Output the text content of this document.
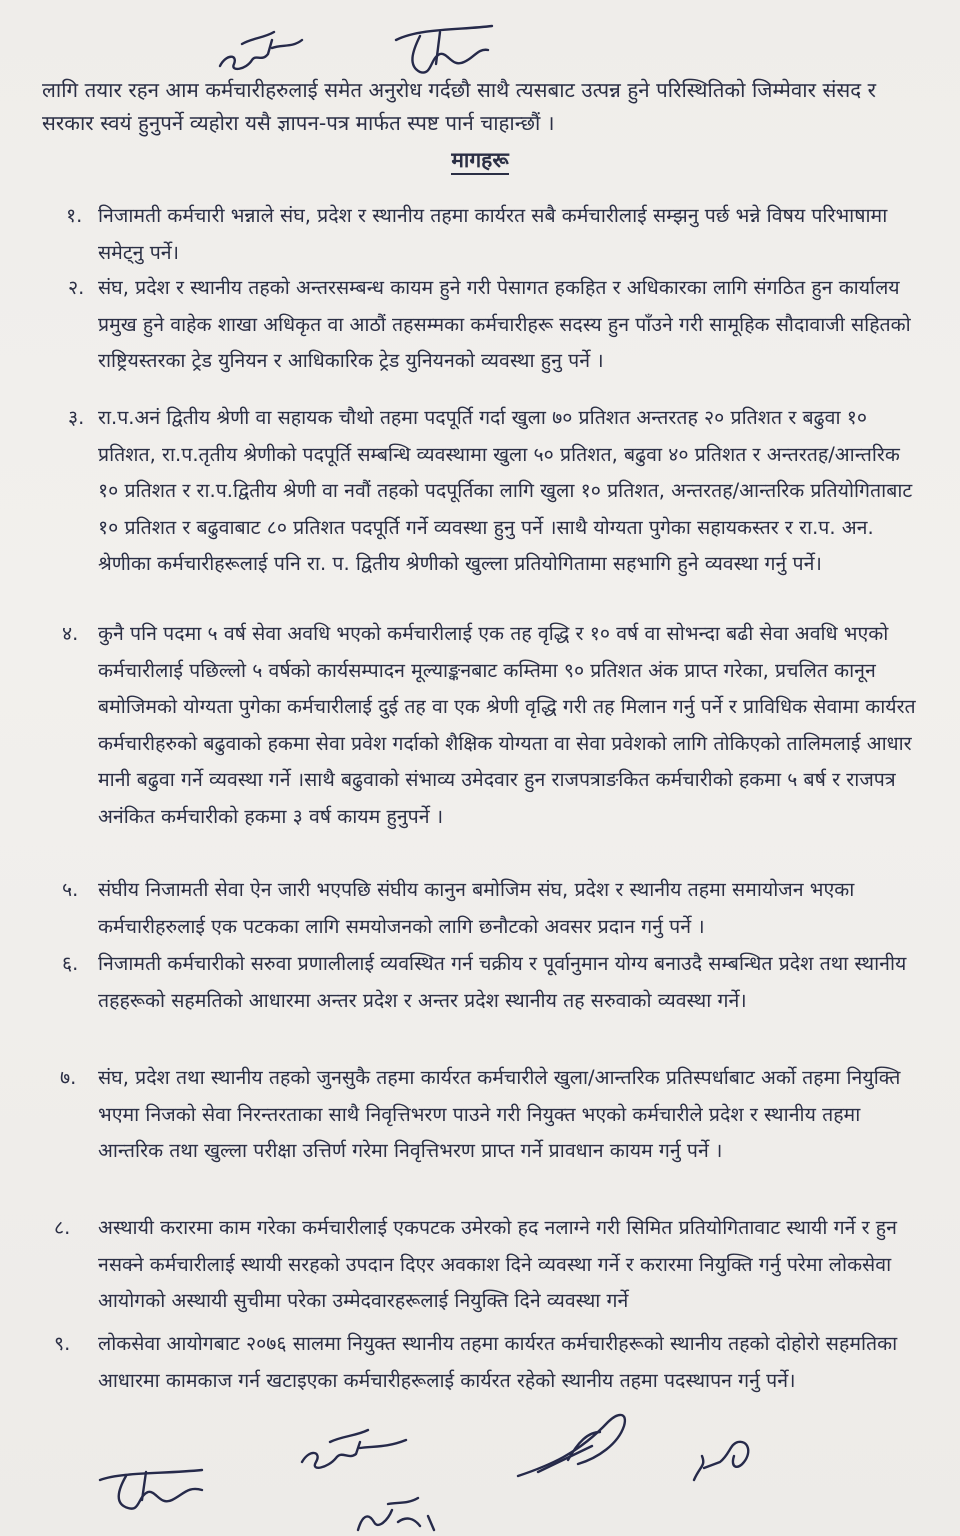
लागि तयार रहन आम कर्मचारीहरुलाई समेत अनुरोध गर्दछौ साथै त्यसबाट उत्पन्न हुने परिस्थितिको जिम्मेवार संसद र सरकार स्वयं हुनुपर्ने व्यहोरा यसै ज्ञापन-पत्र मार्फत स्पष्ट पार्न चाहान्छौं ।
मागहरू
१. निजामती कर्मचारी भन्नाले संघ, प्रदेश र स्थानीय तहमा कार्यरत सबै कर्मचारीलाई सम्झनु पर्छ भन्ने विषय परिभाषामा समेट्नु पर्ने।
२. संघ, प्रदेश र स्थानीय तहको अन्तरसम्बन्ध कायम हुने गरी पेसागत हकहित र अधिकारका लागि संगठित हुन कार्यालय प्रमुख हुने वाहेक शाखा अधिकृत वा आठौं तहसम्मका कर्मचारीहरू सदस्य हुन पाँउने गरी सामूहिक सौदावाजी सहितको राष्ट्रियस्तरका ट्रेड युनियन र आधिकारिक ट्रेड युनियनको व्यवस्था हुनु पर्ने ।
३. रा.प.अनं द्वितीय श्रेणी वा सहायक चौथो तहमा पदपूर्ति गर्दा खुला ७० प्रतिशत अन्तरतह २० प्रतिशत र बढुवा १० प्रतिशत, रा.प.तृतीय श्रेणीको पदपूर्ति सम्बन्धि व्यवस्थामा खुला ५० प्रतिशत, बढुवा ४० प्रतिशत र अन्तरतह/आन्तरिक १० प्रतिशत र रा.प.द्वितीय श्रेणी वा नवौं तहको पदपूर्तिका लागि खुला १० प्रतिशत, अन्तरतह/आन्तरिक प्रतियोगिताबाट १० प्रतिशत र बढुवाबाट ८० प्रतिशत पदपूर्ति गर्ने व्यवस्था हुनु पर्ने ।साथै योग्यता पुगेका सहायकस्तर र रा.प. अन. श्रेणीका कर्मचारीहरूलाई पनि रा. प. द्वितीय श्रेणीको खुल्ला प्रतियोगितामा सहभागि हुने व्यवस्था गर्नु पर्ने।
४. कुनै पनि पदमा ५ वर्ष सेवा अवधि भएको कर्मचारीलाई एक तह वृद्धि र १० वर्ष वा सोभन्दा बढी सेवा अवधि भएको कर्मचारीलाई पछिल्लो ५ वर्षको कार्यसम्पादन मूल्याङ्कनबाट कम्तिमा ९० प्रतिशत अंक प्राप्त गरेका, प्रचलित कानून बमोजिमको योग्यता पुगेका कर्मचारीलाई दुई तह वा एक श्रेणी वृद्धि गरी तह मिलान गर्नु पर्ने र प्राविधिक सेवामा कार्यरत कर्मचारीहरुको बढुवाको हकमा सेवा प्रवेश गर्दाको शैक्षिक योग्यता वा सेवा प्रवेशको लागि तोकिएको तालिमलाई आधार मानी बढुवा गर्ने व्यवस्था गर्ने ।साथै बढुवाको संभाव्य उमेदवार हुन राजपत्राङकित कर्मचारीको हकमा ५ बर्ष र राजपत्र अनंकित कर्मचारीको हकमा ३ वर्ष कायम हुनुपर्ने ।
५. संघीय निजामती सेवा ऐन जारी भएपछि संघीय कानुन बमोजिम संघ, प्रदेश र स्थानीय तहमा समायोजन भएका कर्मचारीहरुलाई एक पटकका लागि समयोजनको लागि छनौटको अवसर प्रदान गर्नु पर्ने ।
६. निजामती कर्मचारीको सरुवा प्रणालीलाई व्यवस्थित गर्न चक्रीय र पूर्वानुमान योग्य बनाउदै सम्बन्धित प्रदेश तथा स्थानीय तहहरूको सहमतिको आधारमा अन्तर प्रदेश र अन्तर प्रदेश स्थानीय तह सरुवाको व्यवस्था गर्ने।
७. संघ, प्रदेश तथा स्थानीय तहको जुनसुकै तहमा कार्यरत कर्मचारीले खुला/आन्तरिक प्रतिस्पर्धाबाट अर्को तहमा नियुक्ति भएमा निजको सेवा निरन्तरताका साथै निवृत्तिभरण पाउने गरी नियुक्त भएको कर्मचारीले प्रदेश र स्थानीय तहमा आन्तरिक तथा खुल्ला परीक्षा उत्तिर्ण गरेमा निवृत्तिभरण प्राप्त गर्ने प्रावधान कायम गर्नु पर्ने ।
८. अस्थायी करारमा काम गरेका कर्मचारीलाई एकपटक उमेरको हद नलाग्ने गरी सिमित प्रतियोगितावाट स्थायी गर्ने र हुन नसक्ने कर्मचारीलाई स्थायी सरहको उपदान दिएर अवकाश दिने व्यवस्था गर्ने र करारमा नियुक्ति गर्नु परेमा लोकसेवा आयोगको अस्थायी सुचीमा परेका उम्मेदवारहरूलाई नियुक्ति दिने व्यवस्था गर्ने
९. लोकसेवा आयोगबाट २०७६ सालमा नियुक्त स्थानीय तहमा कार्यरत कर्मचारीहरूको स्थानीय तहको दोहोरो सहमतिका आधारमा कामकाज गर्न खटाइएका कर्मचारीहरूलाई कार्यरत रहेको स्थानीय तहमा पदस्थापन गर्नु पर्ने।
